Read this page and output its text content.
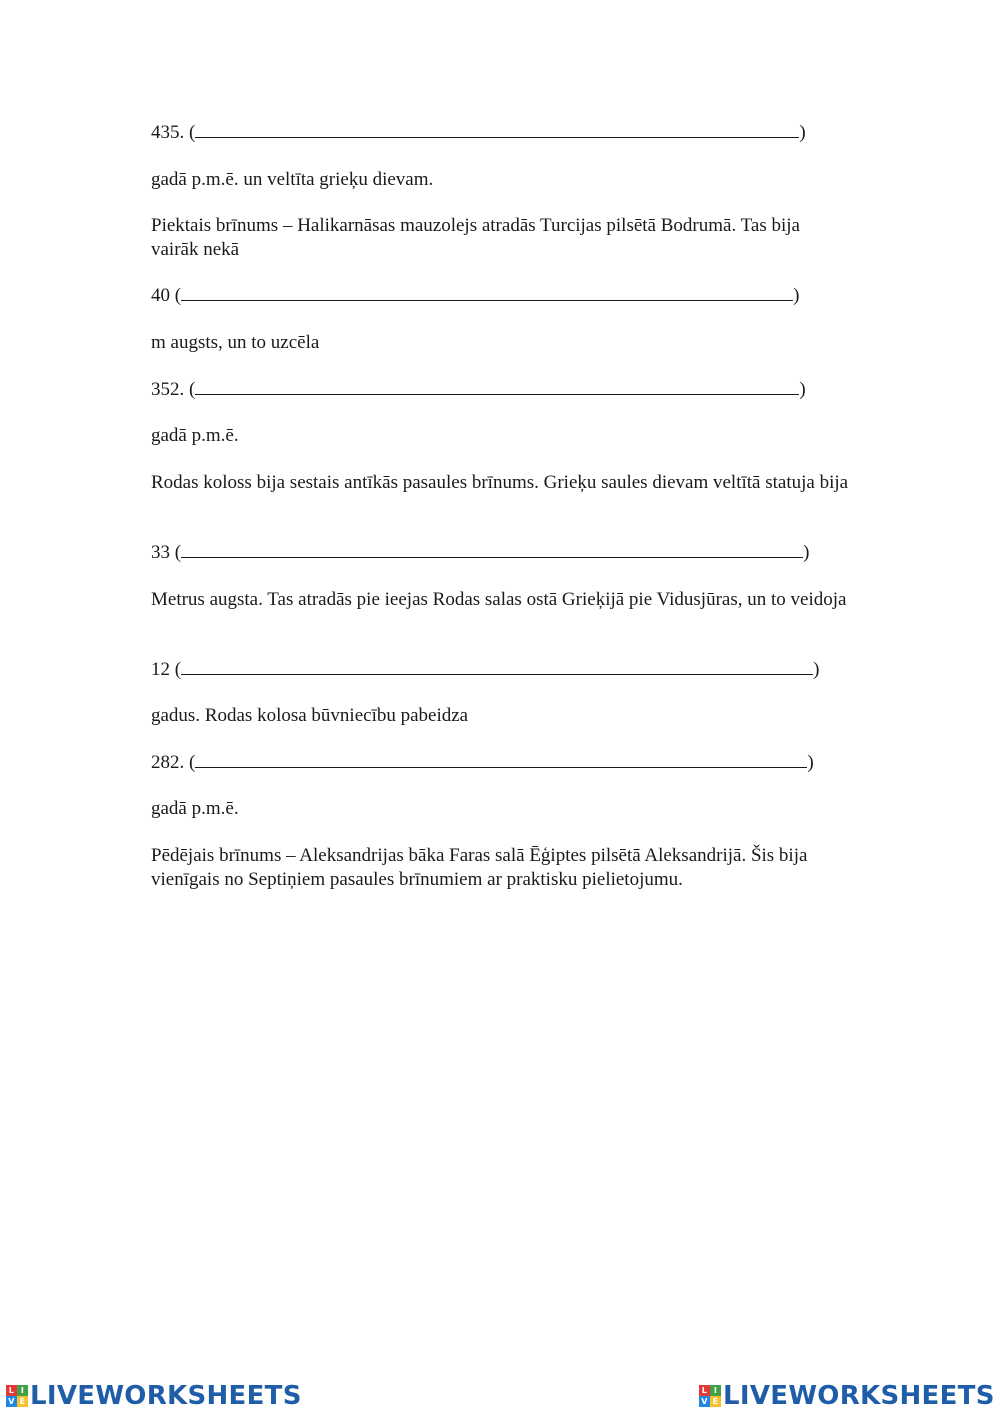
435. (	)
gadā p.m.ē. un veltīta grieķu dievam.
Piektais brīnums – Halikarnāsas mauzolejs atradās Turcijas pilsētā Bodrumā. Tas bija vairāk nekā
40 (	)
m augsts, un to uzcēla
352. (	)
gadā p.m.ē.
Rodas koloss bija sestais antīkās pasaules brīnums. Grieķu saules dievam veltītā statuja bija
33 (	)
Metrus augsta. Tas atradās pie ieejas Rodas salas ostā Grieķijā pie Vidusjūras, un to veidoja
12 (	)
gadus. Rodas kolosa būvniecību pabeidza
282. (	)
gadā p.m.ē.
Pēdējais brīnums – Aleksandrijas bāka Faras salā Ēģiptes pilsētā Aleksandrijā. Šis bija vienīgais no Septiņiem pasaules brīnumiem ar praktisku pielietojumu.
L I
V E LIVEWORKSHEETS	L I
V E LIVEWORKSHEETS
